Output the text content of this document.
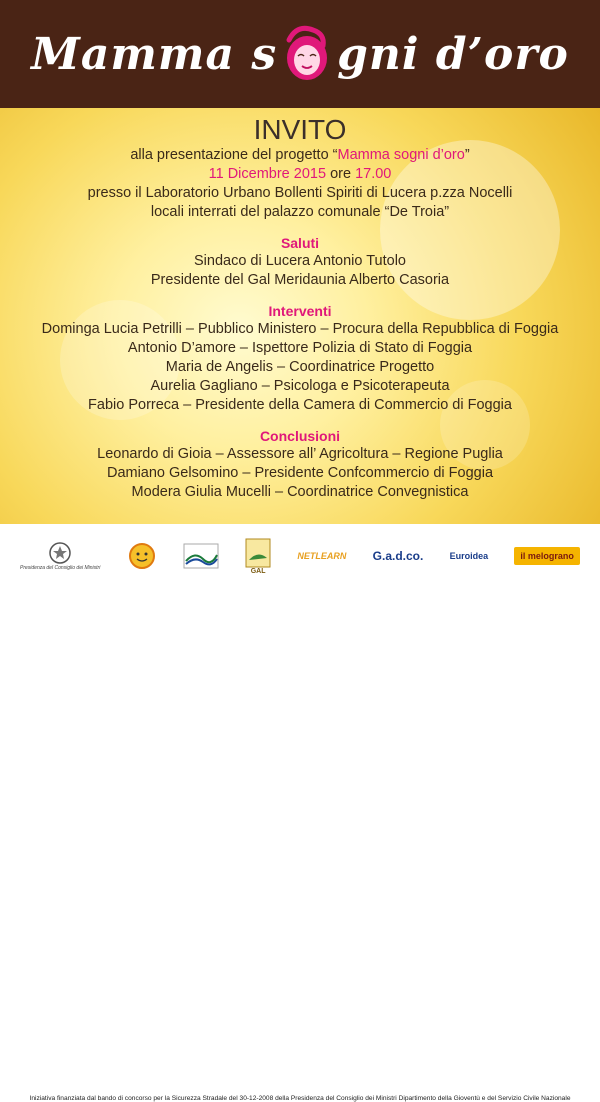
Mamma s gni d’oro
INVITO
alla presentazione del progetto “Mamma sogni d’oro”
11 Dicembre 2015 ore 17.00
presso il Laboratorio Urbano Bollenti Spiriti di Lucera p.zza Nocelli
locali interrati del palazzo comunale “De Troia”
Saluti
Sindaco di Lucera Antonio Tutolo
Presidente del Gal Meridaunia Alberto Casoria
Interventi
Dominga Lucia Petrilli – Pubblico Ministero – Procura della Repubblica di Foggia
Antonio D’amore – Ispettore Polizia di Stato di Foggia
Maria de Angelis – Coordinatrice Progetto
Aurelia Gagliano – Psicologa e Psicoterapeuta
Fabio Porreca – Presidente della Camera di Commercio di Foggia
Conclusioni
Leonardo di Gioia – Assessore all’ Agricoltura – Regione Puglia
Damiano Gelsomino – Presidente Confcommercio di Foggia
Modera Giulia Mucelli – Coordinatrice Convegnistica
Presidenza del Consiglio dei Ministri	GAL
NETLEARN G.a.d.co.	Euroidea	il melograno
Iniziativa finanziata dal bando di concorso per la Sicurezza Stradale del 30-12-2008 della Presidenza del Consiglio dei Ministri Dipartimento della Gioventù e del Servizio Civile Nazionale
